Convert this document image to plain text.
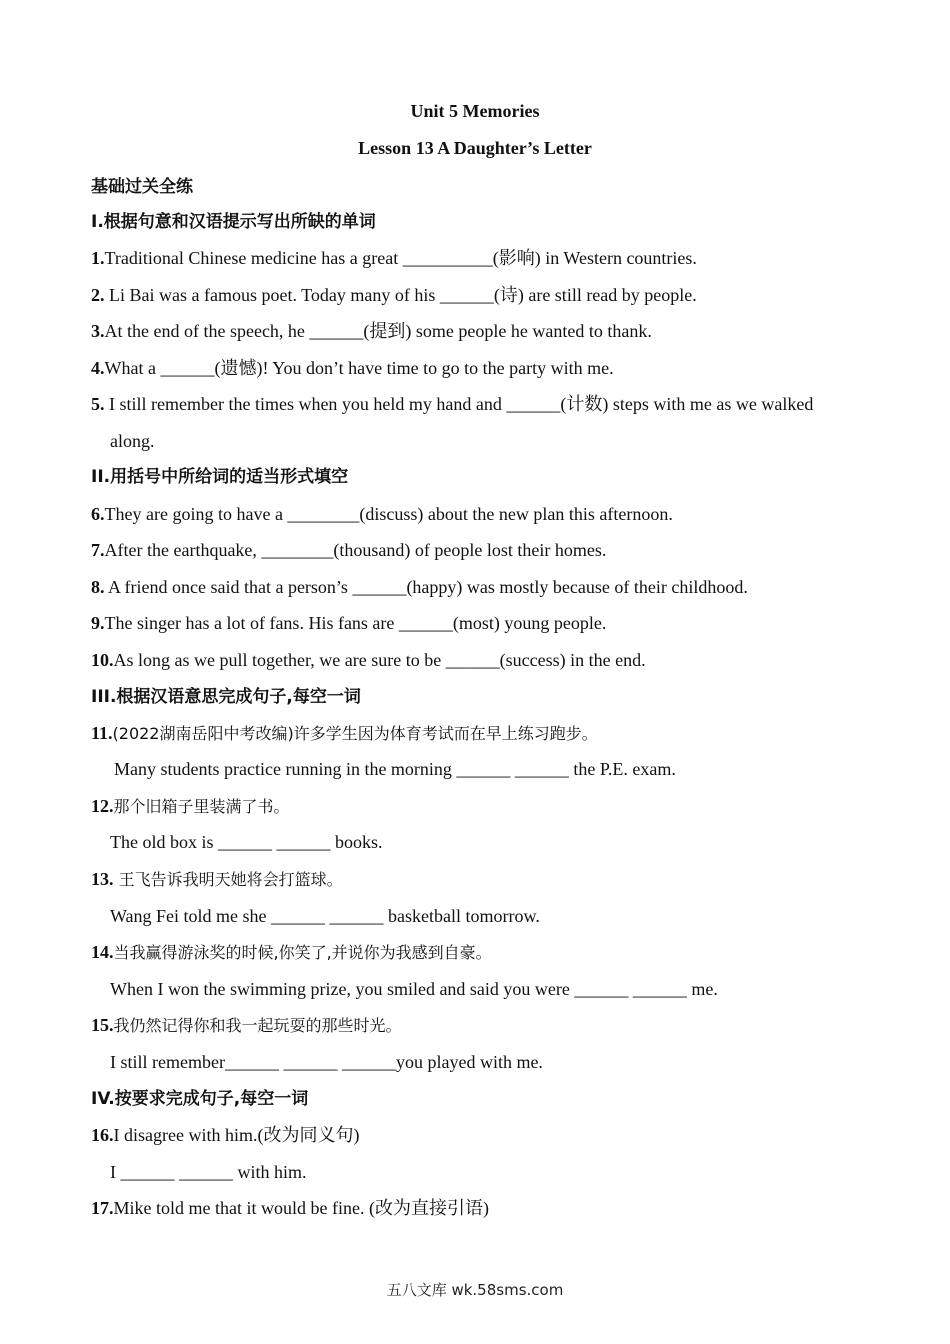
Unit 5 Memories
Lesson 13 A Daughter’s Letter
基础过关全练
I.根据句意和汉语提示写出所缺的单词
1.Traditional Chinese medicine has a great __________(影响) in Western countries.
2. Li Bai was a famous poet. Today many of his ______(诗) are still read by people.
3.At the end of the speech, he ______(提到) some people he wanted to thank.
4.What a ______(遗憾)! You don’t have time to go to the party with me.
5. I still remember the times when you held my hand and ______(计数) steps with me as we walked
along.
II.用括号中所给词的适当形式填空
6.They are going to have a ________(discuss) about the new plan this afternoon.
7.After the earthquake, ________(thousand) of people lost their homes.
8. A friend once said that a person’s ______(happy) was mostly because of their childhood.
9.The singer has a lot of fans. His fans are ______(most) young people.
10.As long as we pull together, we are sure to be ______(success) in the end.
III.根据汉语意思完成句子,每空一词
11.(2022湖南岳阳中考改编)许多学生因为体育考试而在早上练习跑步。
Many students practice running in the morning ______ ______ the P.E. exam.
12.那个旧箱子里装满了书。
The old box is ______ ______ books.
13. 王飞告诉我明天她将会打篮球。
Wang Fei told me she ______ ______ basketball tomorrow.
14.当我赢得游泳奖的时候,你笑了,并说你为我感到自豪。
When I won the swimming prize, you smiled and said you were ______ ______ me.
15.我仍然记得你和我一起玩耍的那些时光。
I still remember______ ______ ______you played with me.
IV.按要求完成句子,每空一词
16.I disagree with him.(改为同义句)
I ______ ______ with him.
17.Mike told me that it would be fine. (改为直接引语)
五八文库 wk.58sms.com
